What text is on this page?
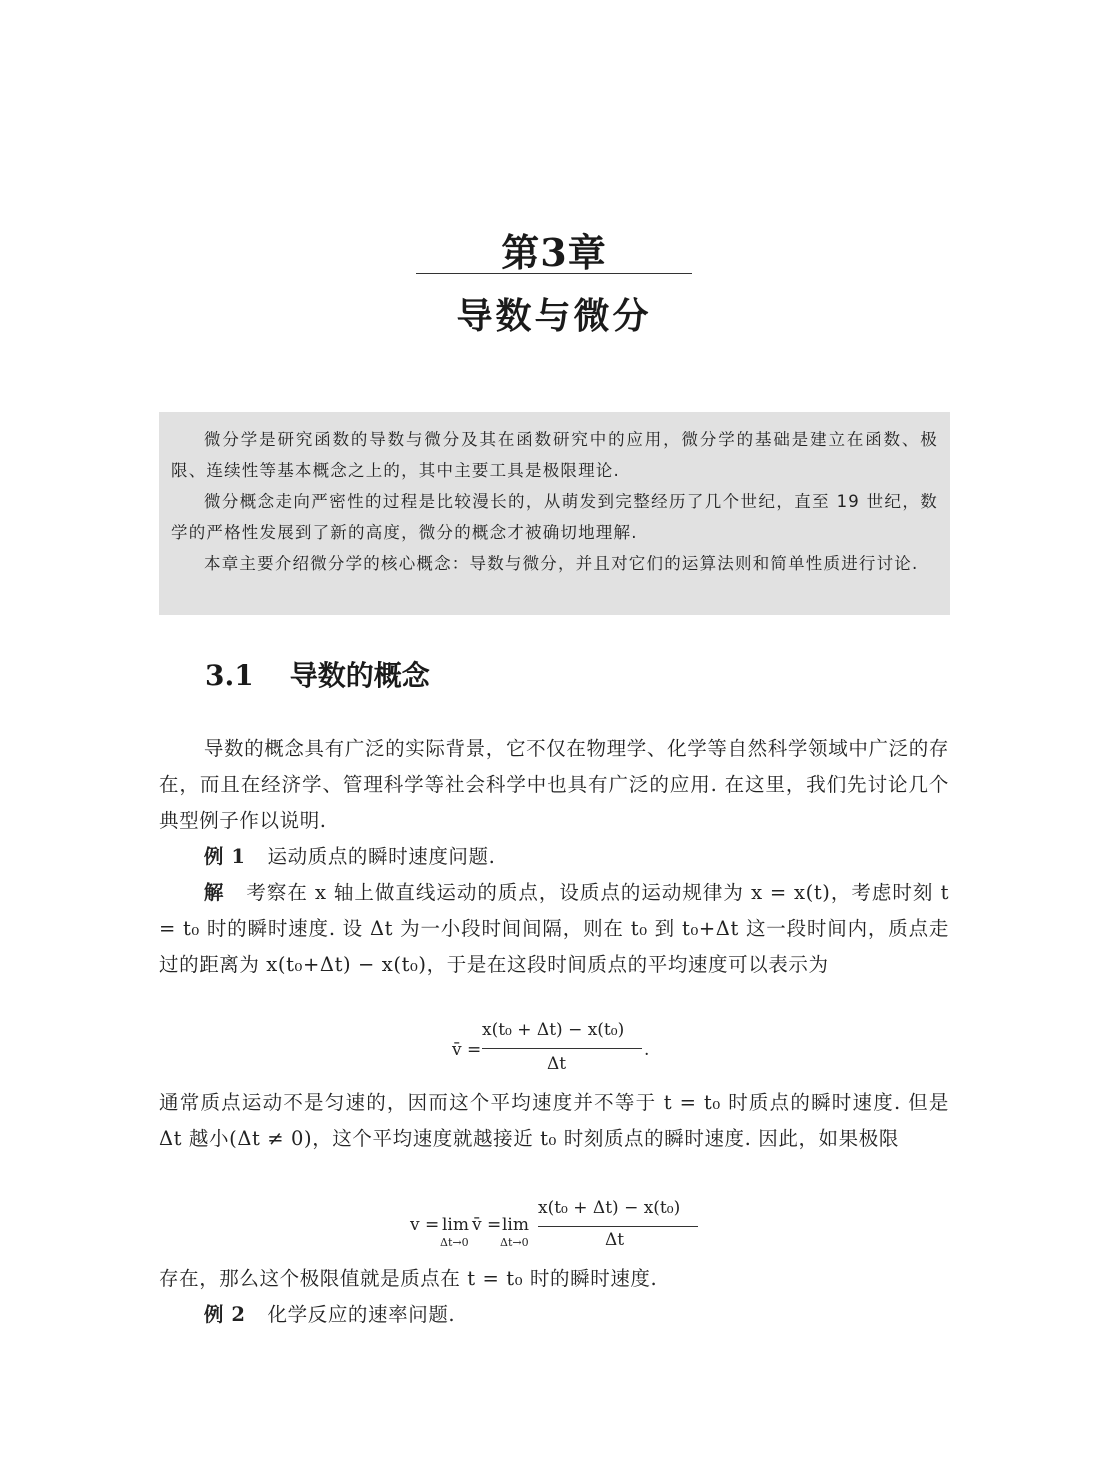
第3章
导数与微分

微分学是研究函数的导数与微分及其在函数研究中的应用，微分学的基础是建立在函数、极限、连续性等基本概念之上的，其中主要工具是极限理论.

微分概念走向严密性的过程是比较漫长的，从萌发到完整经历了几个世纪，直至 19 世纪，数学的严格性发展到了新的高度，微分的概念才被确切地理解.

本章主要介绍微分学的核心概念：导数与微分，并且对它们的运算法则和简单性质进行讨论.

3.1 导数的概念

导数的概念具有广泛的实际背景，它不仅在物理学、化学等自然科学领域中广泛的存在，而且在经济学、管理科学等社会科学中也具有广泛的应用. 在这里，我们先讨论几个典型例子作以说明.

例 1 运动质点的瞬时速度问题.

解 考察在 x 轴上做直线运动的质点，设质点的运动规律为 x = x(t)，考虑时刻 t = t₀ 时的瞬时速度. 设 Δt 为一小段时间间隔，则在 t₀ 到 t₀+Δt 这一段时间内，质点走过的距离为 x(t₀+Δt) − x(t₀)，于是在这段时间质点的平均速度可以表示为

v̄ =
x(t₀ + Δt) − x(t₀)
Δt
.

通常质点运动不是匀速的，因而这个平均速度并不等于 t = t₀ 时质点的瞬时速度. 但是 Δt 越小(Δt ≠ 0)，这个平均速度就越接近 t₀ 时刻质点的瞬时速度. 因此，如果极限

v = lim
Δt→0
v̄ = lim
Δt→0
x(t₀ + Δt) − x(t₀)
Δt

存在，那么这个极限值就是质点在 t = t₀ 时的瞬时速度.

例 2 化学反应的速率问题.
